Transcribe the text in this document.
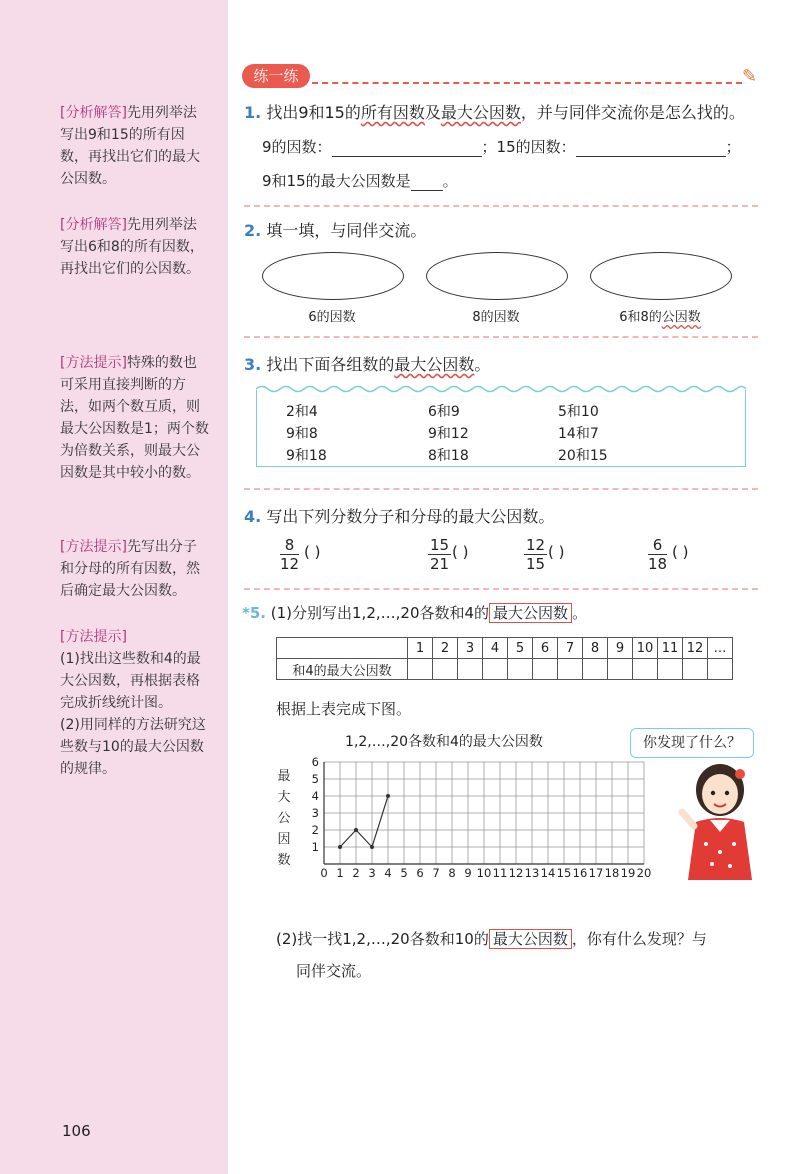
[分析解答]先用列举法写出9和15的所有因数，再找出它们的最大公因数。
[分析解答]先用列举法写出6和8的所有因数，再找出它们的公因数。
[方法提示]特殊的数也可采用直接判断的方法，如两个数互质，则最大公因数是1；两个数为倍数关系，则最大公因数是其中较小的数。
[方法提示]先写出分子和分母的所有因数，然后确定最大公因数。
[方法提示]
(1)找出这些数和4的最大公因数，再根据表格完成折线统计图。
(2)用同样的方法研究这些数与10的最大公因数的规律。
106
练一练	✎
1. 找出9和15的所有因数及最大公因数，并与同伴交流你是怎么找的。
9的因数：	；15的因数：	；
9和15的最大公因数是 。
2. 填一填，与同伴交流。
6的因数	8的因数	6和8的公因数
3. 找出下面各组数的最大公因数。
2和4	6和9	5和10
9和8	9和12	14和7
9和18	8和18	20和15
4. 写出下列分数分子和分母的最大公因数。
$\frac{8}{12}$ ( )	$\frac{15}{21}$ ( )	$\frac{12}{15}$ ( )	$\frac{6}{18}$ ( )
*5. (1)分别写出1,2,…,20各数和4的 最大公因数 。
	1	2	3	4	5	6	7	8	9	10	11	12	…
和4的最大公因数													
根据上表完成下图。
1,2,…,20各数和4的最大公因数
0 1 2 3 4 5 6 7 8 9 10 11 12 13 14 15 16 17 18 19 20
1
2
3
4
5
6
最
大
公
因
数
你发现了什么？
(2)找一找1,2,…,20各数和10的 最大公因数 ，你有什么发现？与
同伴交流。
